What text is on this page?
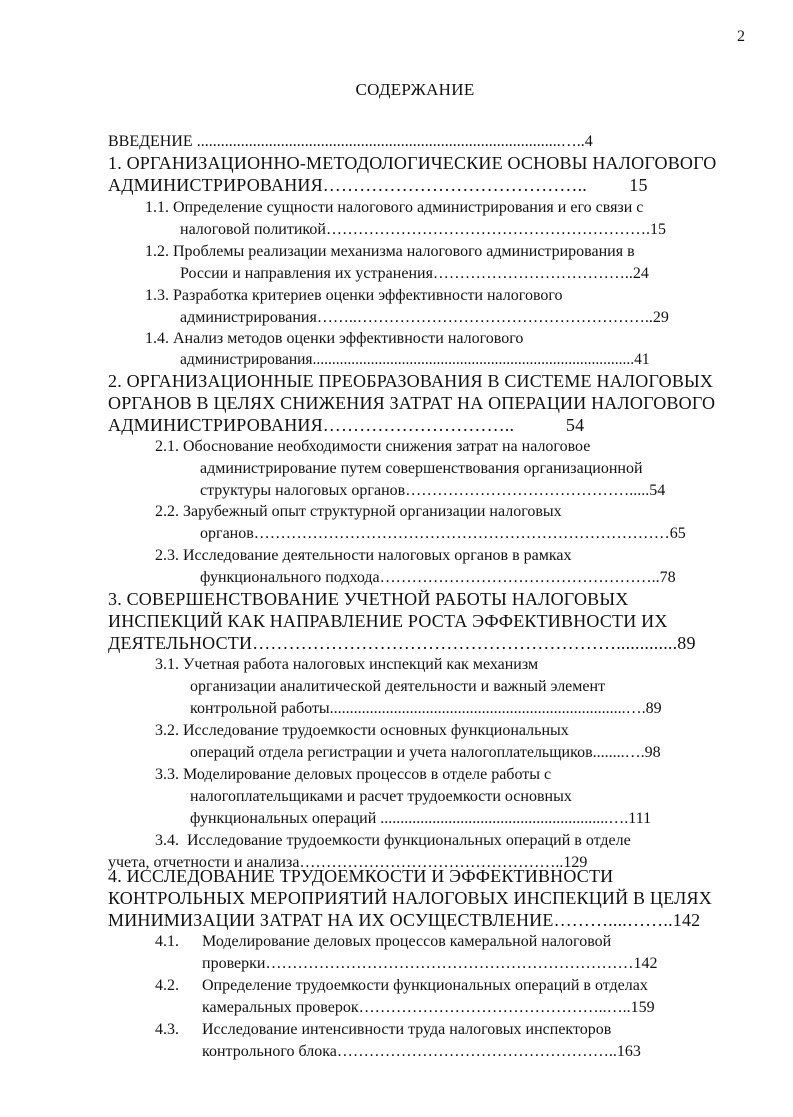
2
СОДЕРЖАНИЕ
ВВЕДЕНИЕ ...........................................................................................…..4
1. ОРГАНИЗАЦИОННО-МЕТОДОЛОГИЧЕСКИЕ ОСНОВЫ НАЛОГОВОГО
АДМИНИСТРИРОВАНИЯ……………………………………..         15
1.1. Определение сущности налогового администрирования и его связи с
налоговой политикой…………………………………………………….15
1.2. Проблемы реализации механизма налогового администрирования в
России и направления их устранения………………………………..24
1.3. Разработка критериев оценки эффективности налогового
администрирования……..………………………………………………..29
1.4. Анализ методов оценки эффективности налогового
администрирования...................................................................................41
2. ОРГАНИЗАЦИОННЫЕ ПРЕОБРАЗОВАНИЯ В СИСТЕМЕ НАЛОГОВЫХ
ОРГАНОВ В ЦЕЛЯХ СНИЖЕНИЯ ЗАТРАТ НА ОПЕРАЦИИ НАЛОГОВОГО
АДМИНИСТРИРОВАНИЯ…………………………..           54
2.1. Обоснование необходимости снижения затрат на налоговое
администрирование путем совершенствования организационной
структуры налоговых органов…………………………………….....54
2.2. Зарубежный опыт структурной организации налоговых
органов……………………………………………………………………65
2.3. Исследование деятельности налоговых органов в рамках
функционального подхода……………………………………………..78
3. СОВЕРШЕНСТВОВАНИЕ УЧЕТНОЙ РАБОТЫ НАЛОГОВЫХ
ИНСПЕКЦИЙ КАК НАПРАВЛЕНИЕ РОСТА ЭФФЕКТИВНОСТИ ИХ
ДЕЯТЕЛЬНОСТИ…………………………………………………….............89
3.1. Учетная работа налоговых инспекций как механизм
организации аналитической деятельности и важный элемент
контрольной работы..........................................................................….89
3.2. Исследование трудоемкости основных функциональных
операций отдела регистрации и учета налогоплательщиков........….98
3.3. Моделирование деловых процессов в отделе работы с
налогоплательщиками и расчет трудоемкости основных
функциональных операций .........................................................….111
3.4.  Исследование трудоемкости функциональных операций в отделе
учета, отчетности и анализа…………………………………………..129
4. ИССЛЕДОВАНИЕ ТРУДОЕМКОСТИ И ЭФФЕКТИВНОСТИ
КОНТРОЛЬНЫХ МЕРОПРИЯТИЙ НАЛОГОВЫХ ИНСПЕКЦИЙ В ЦЕЛЯХ
МИНИМИЗАЦИИ ЗАТРАТ НА ИХ ОСУЩЕСТВЛЕНИЕ………....……..142
4.1. Моделирование деловых процессов камеральной налоговой
проверки……………………………………………………………142
4.2. Определение трудоемкости функциональных операций в отделах
камеральных проверок………………………………………..…..159
4.3. Исследование интенсивности труда налоговых инспекторов
контрольного блока……………………………………………..163
